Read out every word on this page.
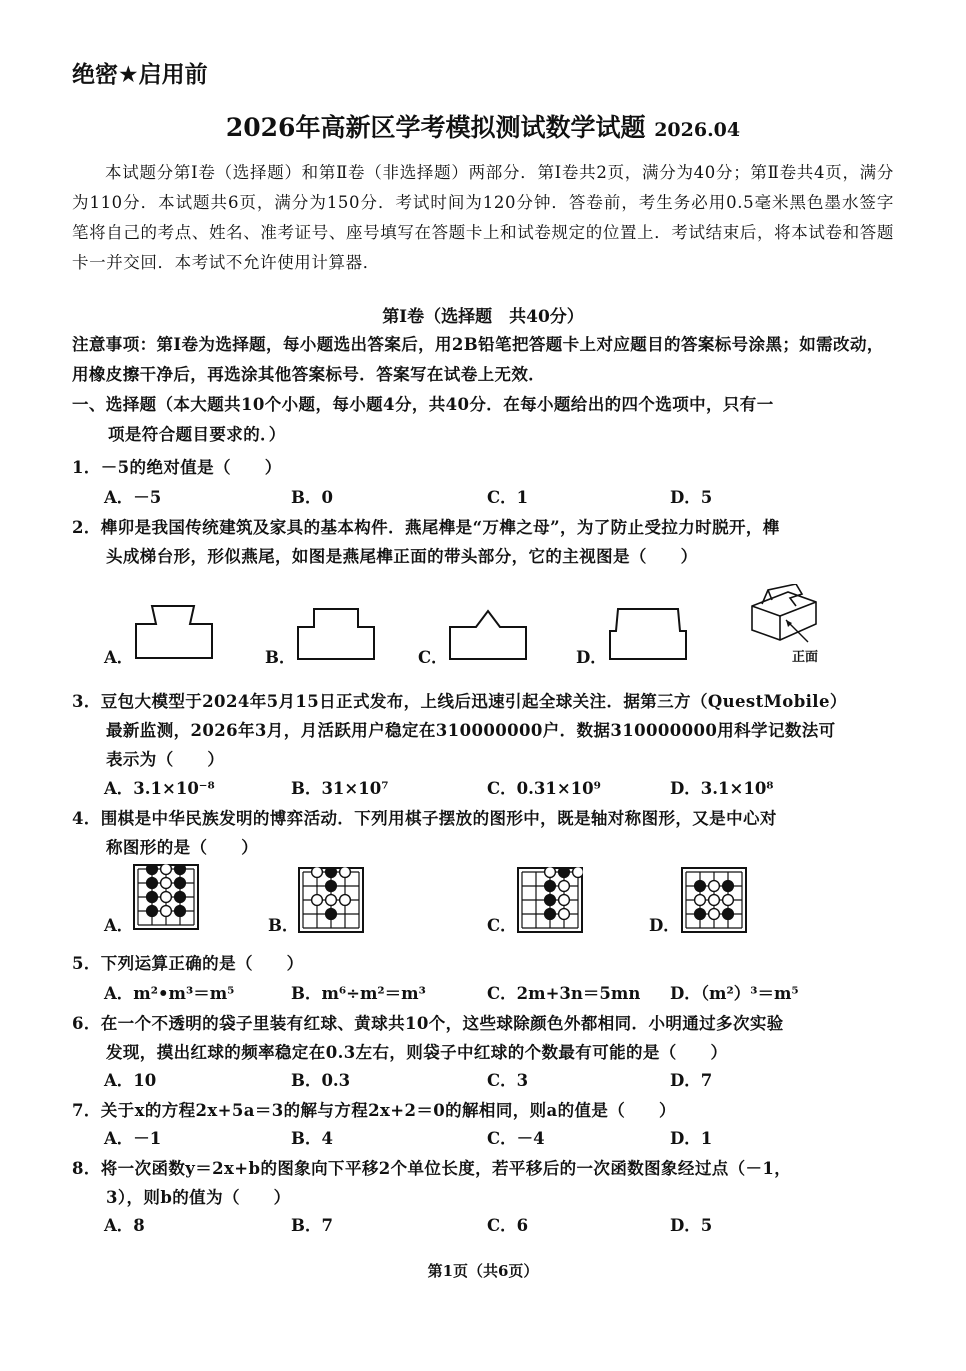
绝密★启用前
2026年高新区学考模拟测试数学试题 2026.04

本试题分第Ⅰ卷（选择题）和第Ⅱ卷（非选择题）两部分．第Ⅰ卷共2页，满分为40分；第Ⅱ卷共4页，满分为110分．本试题共6页，满分为150分．考试时间为120分钟．答卷前，考生务必用0.5毫米黑色墨水签字笔将自己的考点、姓名、准考证号、座号填写在答题卡上和试卷规定的位置上．考试结束后，将本试卷和答题卡一并交回．本考试不允许使用计算器．

第Ⅰ卷（选择题　共40分）
注意事项：第Ⅰ卷为选择题，每小题选出答案后，用2B铅笔把答题卡上对应题目的答案标号涂黑；如需改动，用橡皮擦干净后，再选涂其他答案标号．答案写在试卷上无效．
一、选择题（本大题共10个小题，每小题4分，共40分．在每小题给出的四个选项中，只有一
项是符合题目要求的．）
1．－5的绝对值是（　　）
A．－5	B．0	C．1	D．5
2．榫卯是我国传统建筑及家具的基本构件．燕尾榫是“万榫之母”，为了防止受拉力时脱开，榫
头成梯台形，形似燕尾，如图是燕尾榫正面的带头部分，它的主视图是（　　）
A．	B．	C．	D．	正面
3．豆包大模型于2024年5月15日正式发布，上线后迅速引起全球关注．据第三方（QuestMobile）
最新监测，2026年3月，月活跃用户稳定在310000000户．数据310000000用科学记数法可
表示为（　　）
A．3.1×10⁻⁸	B．31×10⁷	C．0.31×10⁹	D．3.1×10⁸
4．围棋是中华民族发明的博弈活动．下列用棋子摆放的图形中，既是轴对称图形，又是中心对
称图形的是（　　）
A．	B．	C．	D．
5．下列运算正确的是（　　）
A．m²•m³＝m⁵	B．m⁶÷m²＝m³	C．2m+3n＝5mn D．（m²）³＝m⁵
6．在一个不透明的袋子里装有红球、黄球共10个，这些球除颜色外都相同．小明通过多次实验
发现，摸出红球的频率稳定在0.3左右，则袋子中红球的个数最有可能的是（　　）
A．10	B．0.3	C．3	D．7
7．关于x的方程2x+5a＝3的解与方程2x+2＝0的解相同，则a的值是（　　）
A．－1	B．4	C．－4	D．1
8．将一次函数y＝2x+b的图象向下平移2个单位长度，若平移后的一次函数图象经过点（－1，
3），则b的值为（　　）
A．8	B．7	C．6	D．5
第1页（共6页）
